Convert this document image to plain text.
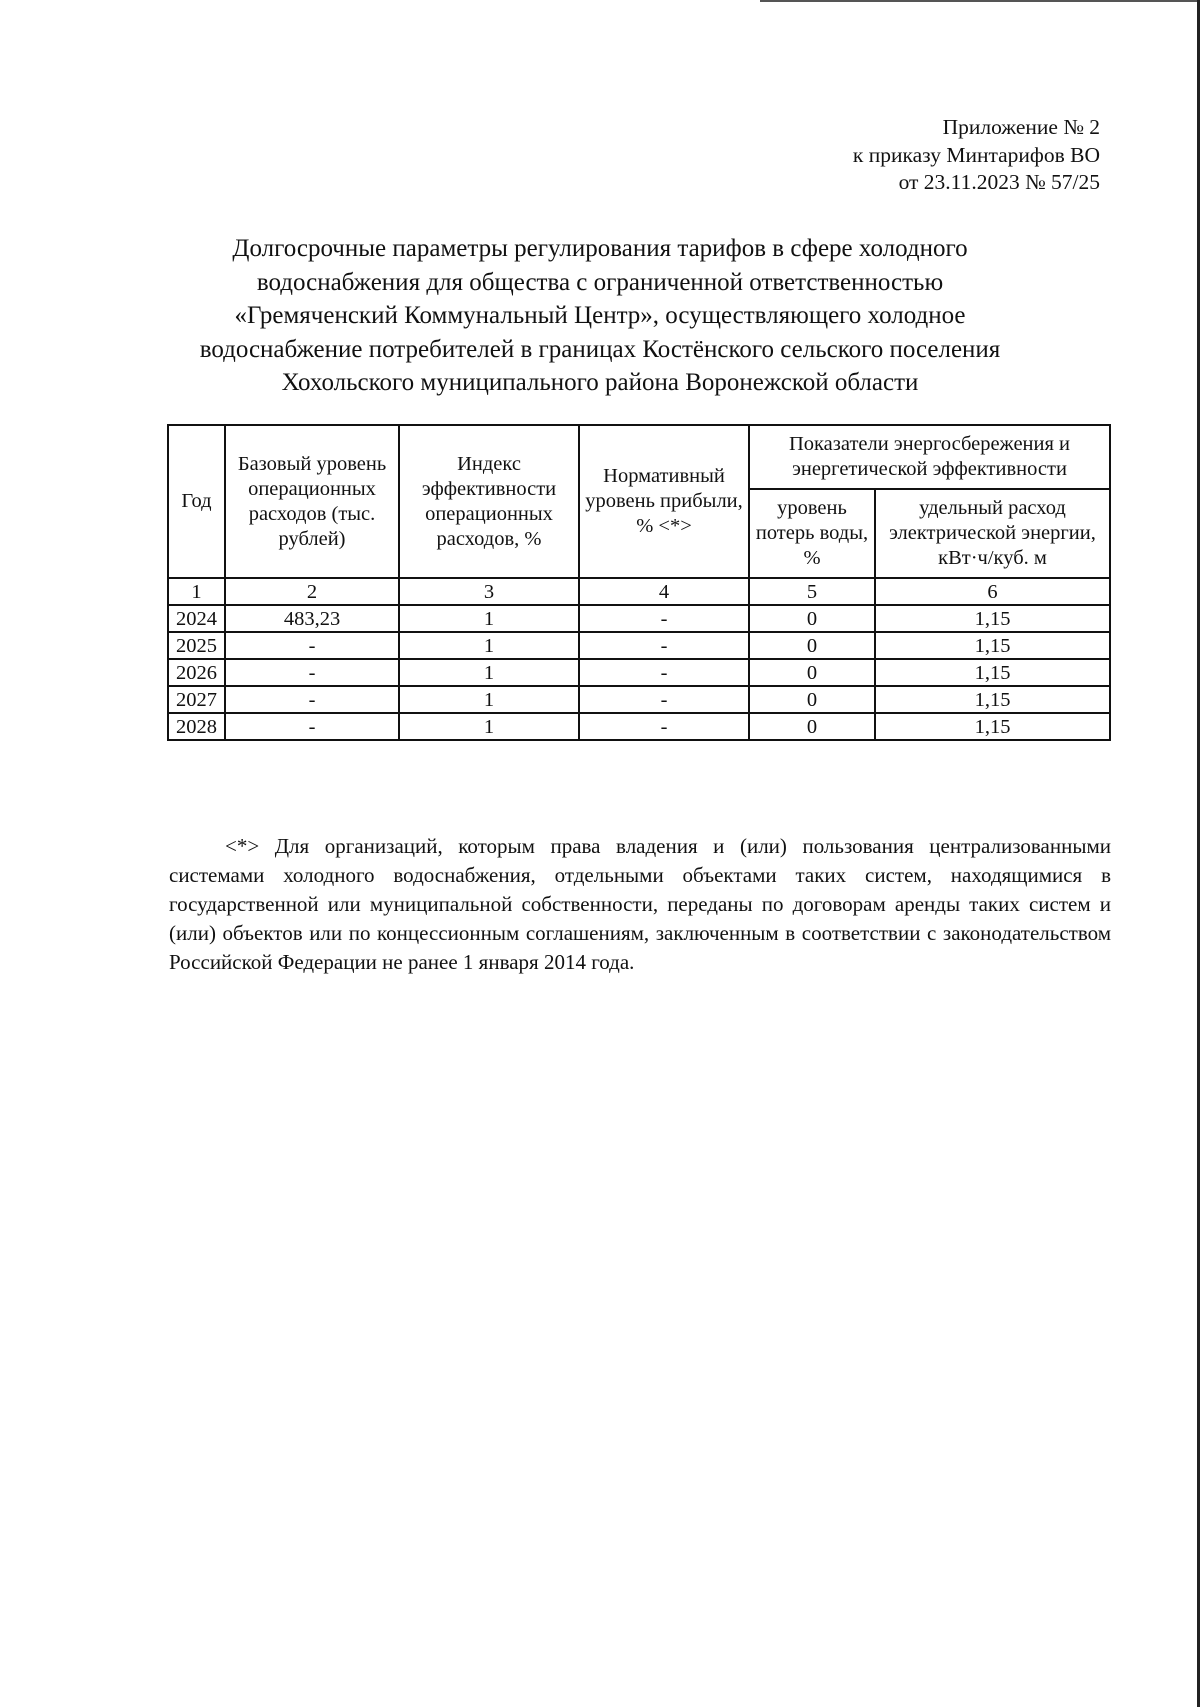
Приложение № 2
к приказу Минтарифов ВО
от 23.11.2023 № 57/25
Долгосрочные параметры регулирования тарифов в сфере холодного
водоснабжения для общества с ограниченной ответственностью
«Гремяченский Коммунальный Центр», осуществляющего холодное
водоснабжение потребителей в границах Костёнского сельского поселения
Хохольского муниципального района Воронежской области
Год	Базовый уровень операционных расходов (тыс. рублей)	Индекс эффективности операционных расходов, %	Нормативный уровень прибыли, % <*>	Показатели энергосбережения и энергетической эффективности	
				уровень потерь воды, %	удельный расход электрической энергии, кВт·ч/куб. м
1	2	3	4	5	6
2024	483,23	1	-	0	1,15
2025	-	1	-	0	1,15
2026	-	1	-	0	1,15
2027	-	1	-	0	1,15
2028	-	1	-	0	1,15

<*> Для организаций, которым права владения и (или) пользования централизованными системами холодного водоснабжения, отдельными объектами таких систем, находящимися в государственной или муниципальной собственности, переданы по договорам аренды таких систем и (или) объектов или по концессионным соглашениям, заключенным в соответствии с законодательством Российской Федерации не ранее 1 января 2014 года.
